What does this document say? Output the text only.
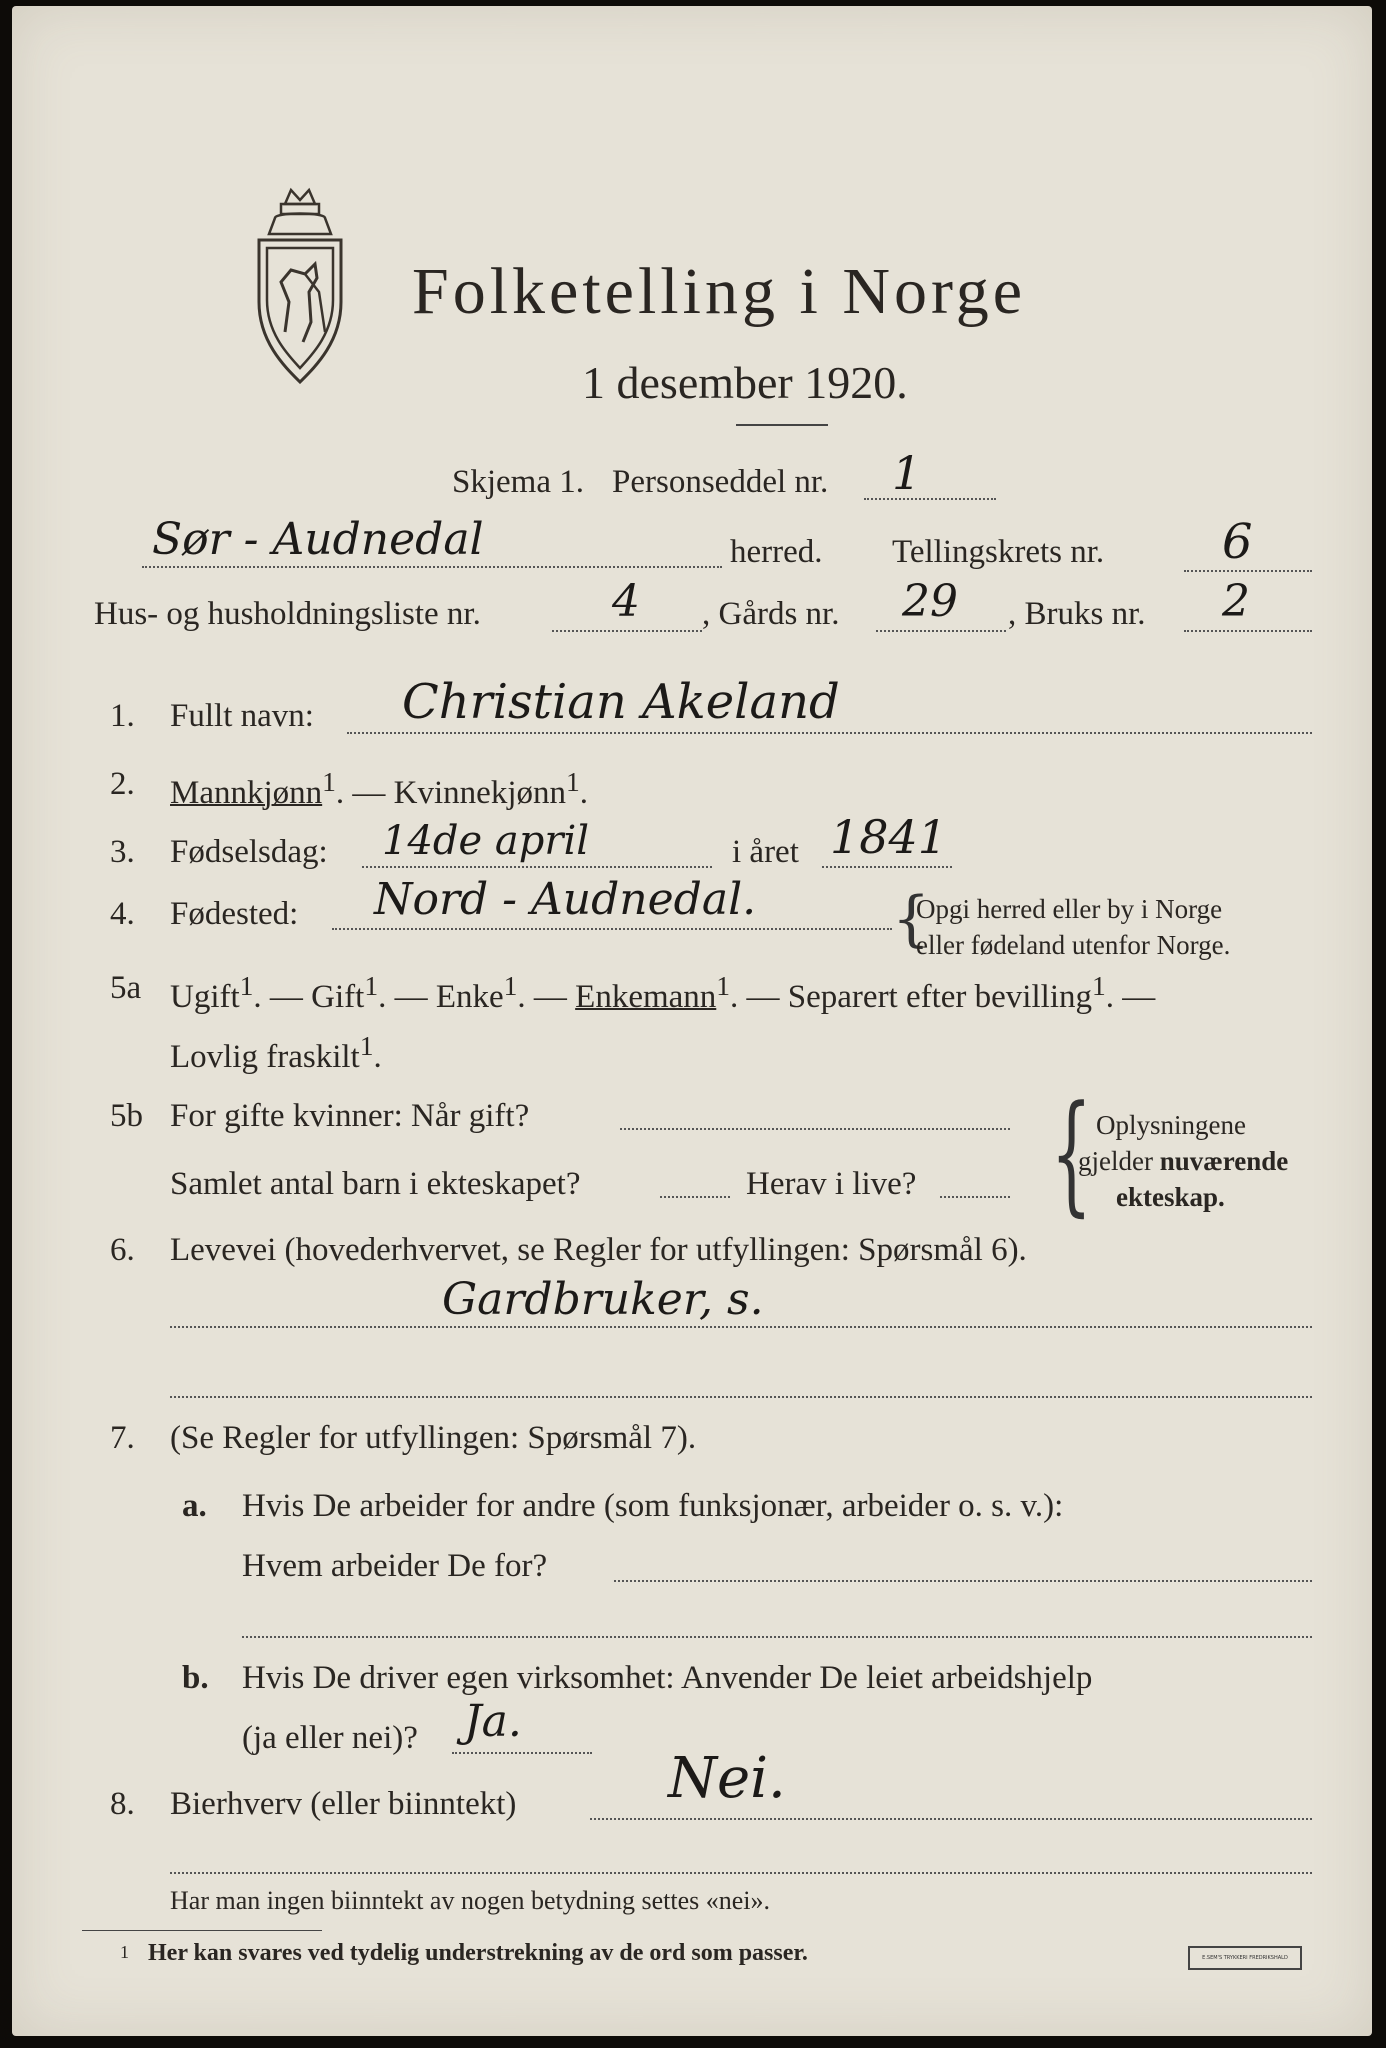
Folketelling i Norge
1 desember 1920.
Skjema 1. Personseddel nr. 1
Sør - Audnedal	herred. Tellingskrets nr. 6
Hus- og husholdningsliste nr.	4 , Gårds nr. 29 , Bruks nr. 2
1. Fullt navn: Christian Akeland
2. Mannkjønn$^1$. — Kvinnekjønn$^1$.
3. Fødselsdag: 14de april	i året 1841
4. Fødested: Nord - Audnedal. {
Opgi herred eller by i Norge
eller fødeland utenfor Norge.
5a Ugift$^1$. — Gift$^1$. — Enke$^1$. — Enkemann$^1$. — Separert efter bevilling$^1$. —
Lovlig fraskilt$^1$.
5b For gifte kvinner: Når gift?
Samlet antal barn i ekteskapet?	Herav i live? { Oplysningene
gjelder nuværende
ekteskap.
6. Levevei (hovederhvervet, se Regler for utfyllingen: Spørsmål 6).
Gardbruker, s.
7. (Se Regler for utfyllingen: Spørsmål 7).
a. Hvis De arbeider for andre (som funksjonær, arbeider o. s. v.):
Hvem arbeider De for?
b. Hvis De driver egen virksomhet: Anvender De leiet arbeidshjelp
(ja eller nei)? Ja.
8. Bierhverv (eller biinntekt)	Nei.
Har man ingen biinntekt av nogen betydning settes «nei».
1 Her kan svares ved tydelig understrekning av de ord som passer.	E.SEM'S TRYKKERI FREDRIKSHALD
